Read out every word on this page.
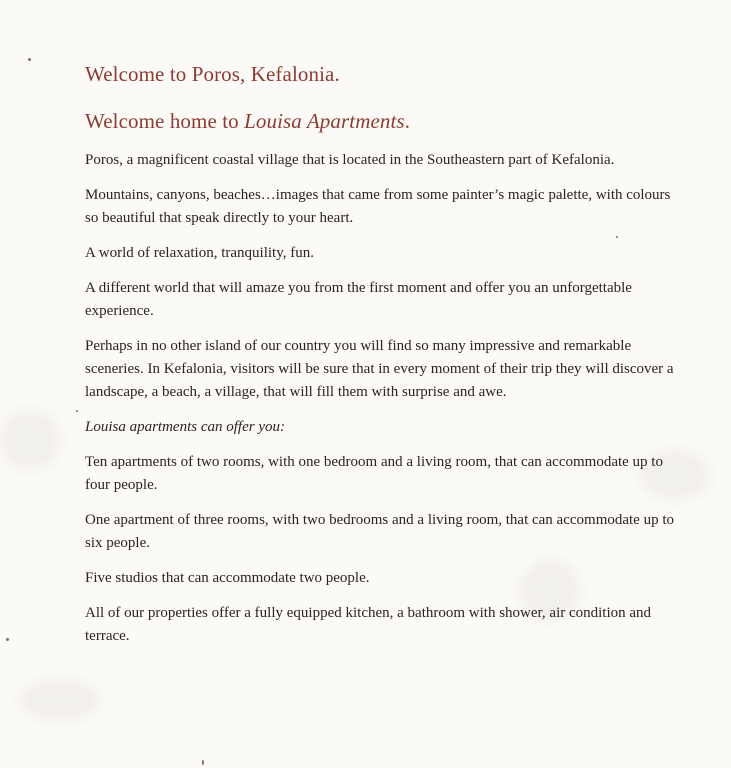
Welcome to Poros, Kefalonia.
Welcome home to Louisa Apartments.

Poros, a magnificent coastal village that is located in the Southeastern part of Kefalonia.

Mountains, canyons, beaches…images that came from some painter’s magic palette, with colours so beautiful that speak directly to your heart.

A world of relaxation, tranquility, fun.

A different world that will amaze you from the first moment and offer you an unforgettable experience.

Perhaps in no other island of our country you will find so many impressive and remarkable sceneries. In Kefalonia, visitors will be sure that in every moment of their trip they will discover a landscape, a beach, a village, that will fill them with surprise and awe.

Louisa apartments can offer you:

Ten apartments of two rooms, with one bedroom and a living room, that can accommodate up to four people.

One apartment of three rooms, with two bedrooms and a living room, that can accommodate up to six people.

Five studios that can accommodate two people.

All of our properties offer a fully equipped kitchen, a bathroom with shower, air condition and terrace.
